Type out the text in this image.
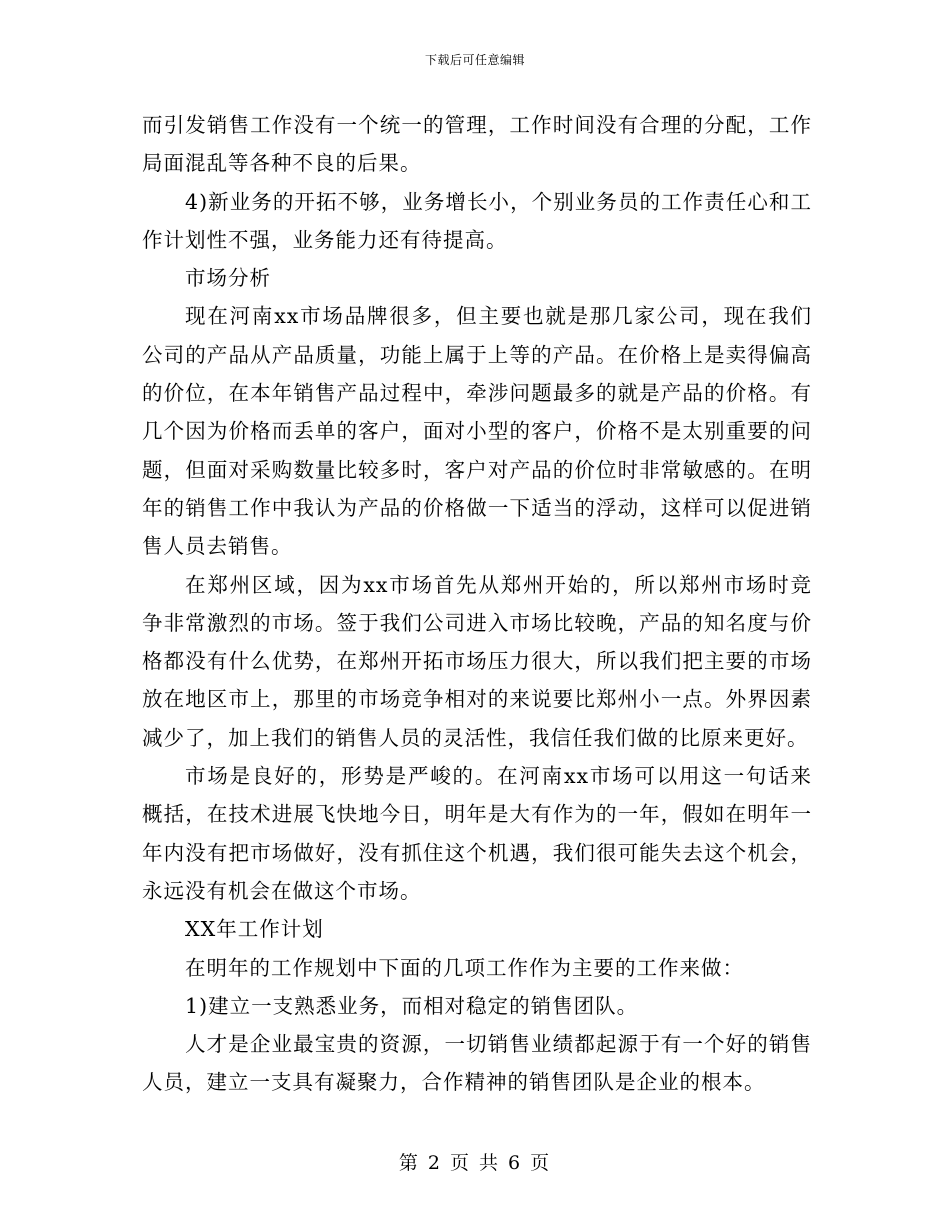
下载后可任意编辑

而引发销售工作没有一个统一的管理，工作时间没有合理的分配，工作局面混乱等各种不良的后果。

4)新业务的开拓不够，业务增长小，个别业务员的工作责任心和工作计划性不强，业务能力还有待提高。

市场分析

现在河南xx市场品牌很多，但主要也就是那几家公司，现在我们公司的产品从产品质量，功能上属于上等的产品。在价格上是卖得偏高的价位，在本年销售产品过程中，牵涉问题最多的就是产品的价格。有几个因为价格而丢单的客户，面对小型的客户，价格不是太别重要的问题，但面对采购数量比较多时，客户对产品的价位时非常敏感的。在明年的销售工作中我认为产品的价格做一下适当的浮动，这样可以促进销售人员去销售。

在郑州区域，因为xx市场首先从郑州开始的，所以郑州市场时竞争非常激烈的市场。签于我们公司进入市场比较晚，产品的知名度与价格都没有什么优势，在郑州开拓市场压力很大，所以我们把主要的市场放在地区市上，那里的市场竞争相对的来说要比郑州小一点。外界因素减少了，加上我们的销售人员的灵活性，我信任我们做的比原来更好。

市场是良好的，形势是严峻的。在河南xx市场可以用这一句话来概括，在技术进展飞快地今日，明年是大有作为的一年，假如在明年一年内没有把市场做好，没有抓住这个机遇，我们很可能失去这个机会，永远没有机会在做这个市场。

XX年工作计划

在明年的工作规划中下面的几项工作作为主要的工作来做：

1)建立一支熟悉业务，而相对稳定的销售团队。

人才是企业最宝贵的资源，一切销售业绩都起源于有一个好的销售人员，建立一支具有凝聚力，合作精神的销售团队是企业的根本。

第 2 页 共 6 页
